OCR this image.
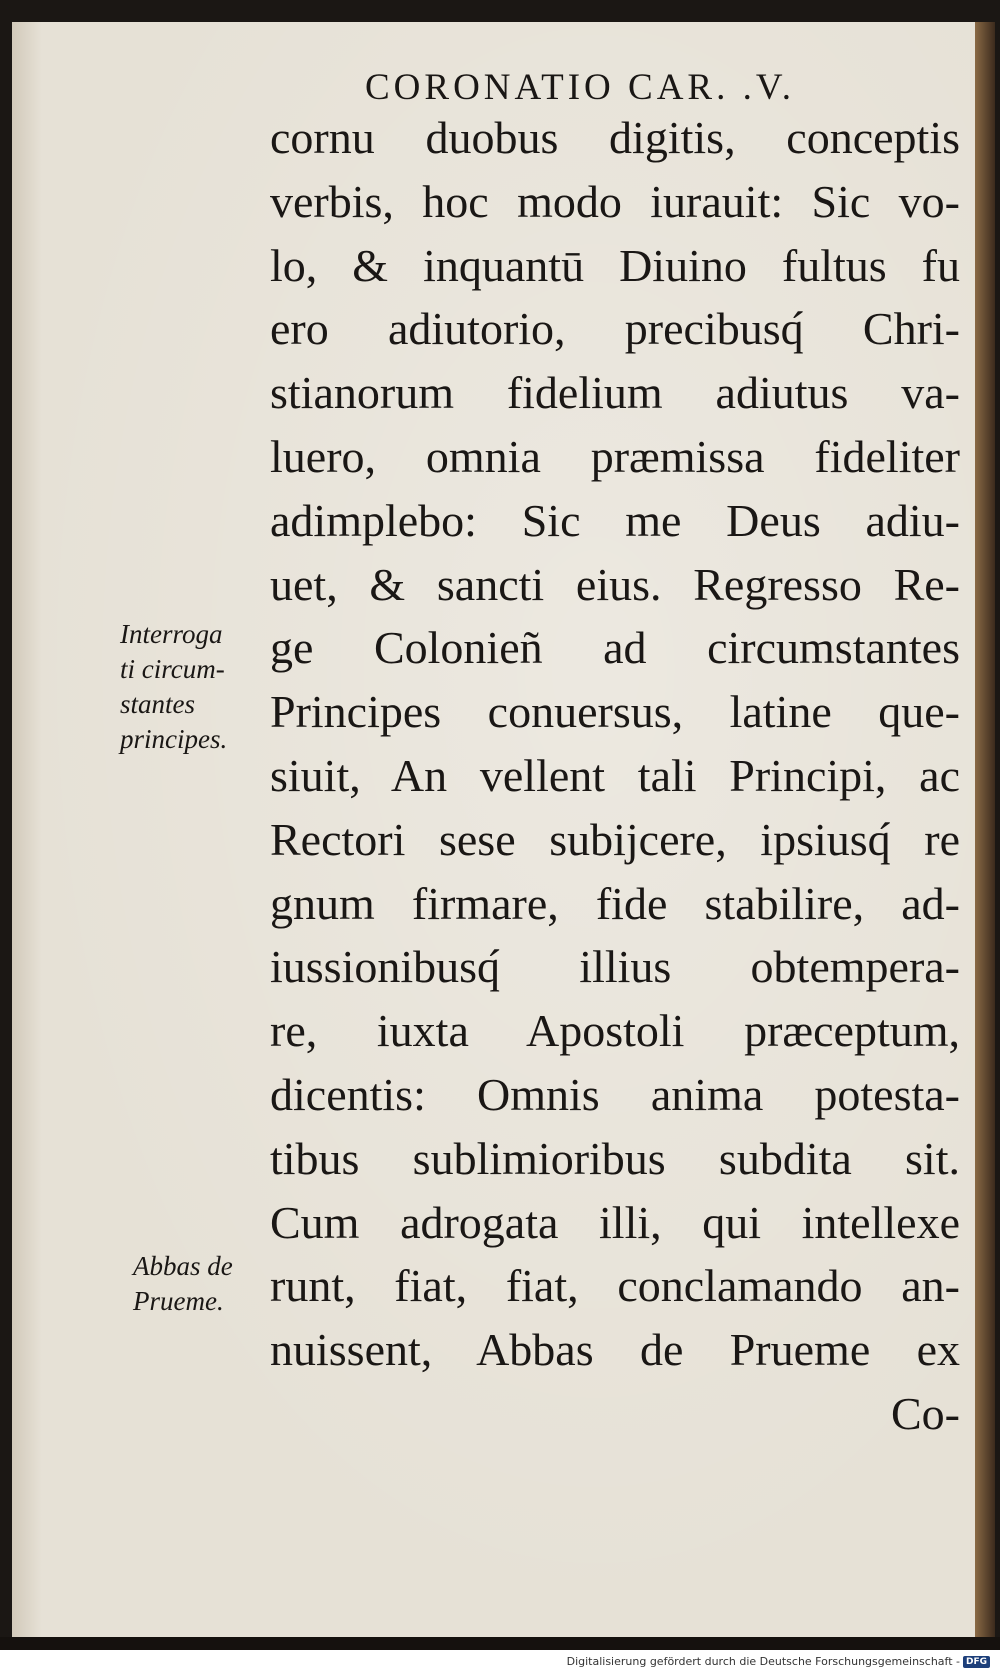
CORONATIO CAR. .V.
cornu duobus digitis, conceptis
verbis, hoc modo iurauit: Sic vo-
lo, & inquantū Diuino fultus fu
ero adiutorio, precibusq́ Chri-
stianorum fidelium adiutus va-
luero, omnia præmissa fideliter
adimplebo: Sic me Deus adiu-
uet, & sancti eius. Regresso Re-
ge Colonieñ ad circumstantes
Principes conuersus, latine que-
siuit, An vellent tali Principi, ac
Rectori sese subijcere, ipsiusq́ re
gnum firmare, fide stabilire, ad-
iussionibusq́ illius obtempera-
re, iuxta Apostoli præceptum,
dicentis: Omnis anima potesta-
tibus sublimioribus subdita sit.
Cum adrogata illi, qui intellexe
runt, fiat, fiat, conclamando an-
nuissent, Abbas de Prueme ex
Co-
Interroga
ti circum-
stantes
principes.
Abbas de
Prueme.
Digitalisierung gefördert durch die Deutsche Forschungsgemeinschaft - DFG
